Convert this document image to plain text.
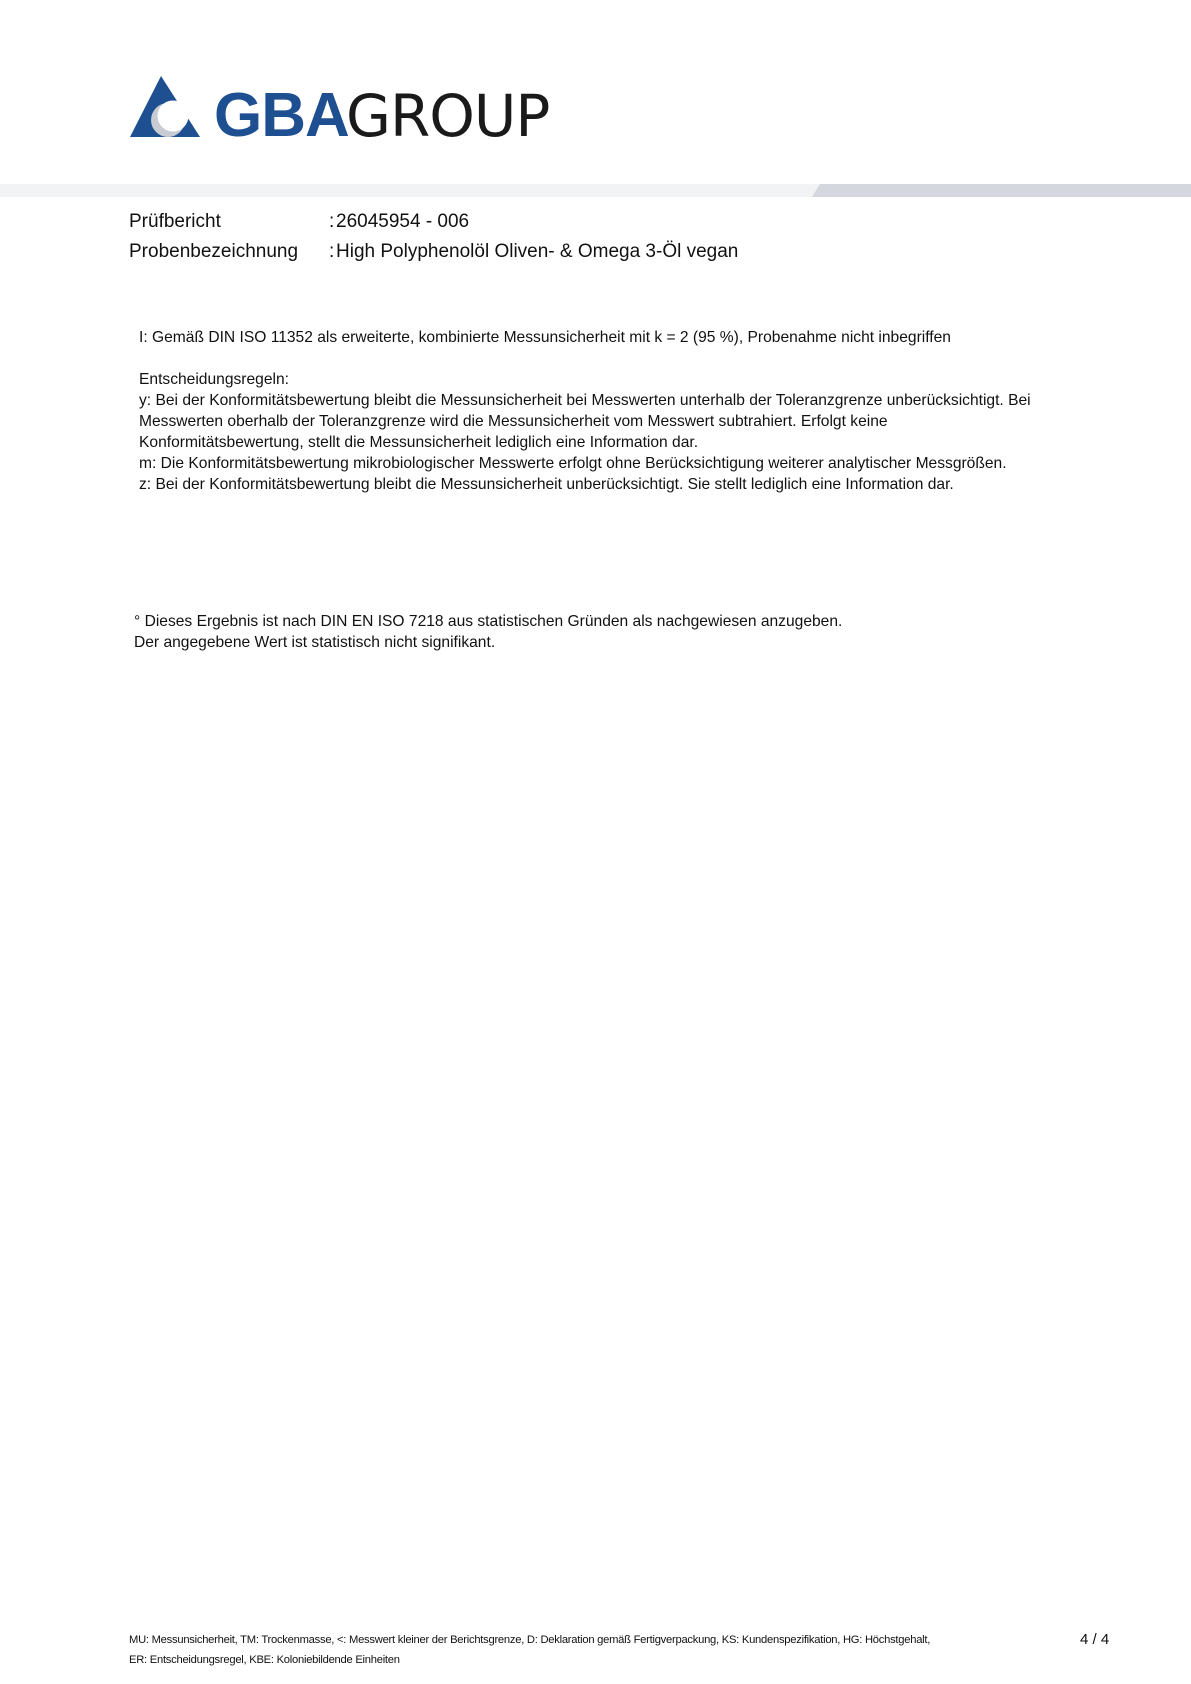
GBA
GROUP
Prüfbericht	: 26045954 - 006
Probenbezeichnung	: High Polyphenolöl Oliven- & Omega 3-Öl vegan
I: Gemäß DIN ISO 11352 als erweiterte, kombinierte Messunsicherheit mit k = 2 (95 %), Probenahme nicht inbegriffen
Entscheidungsregeln:
y: Bei der Konformitätsbewertung bleibt die Messunsicherheit bei Messwerten unterhalb der Toleranzgrenze unberücksichtigt. Bei
Messwerten oberhalb der Toleranzgrenze wird die Messunsicherheit vom Messwert subtrahiert. Erfolgt keine
Konformitätsbewertung, stellt die Messunsicherheit lediglich eine Information dar.
m: Die Konformitätsbewertung mikrobiologischer Messwerte erfolgt ohne Berücksichtigung weiterer analytischer Messgrößen.
z: Bei der Konformitätsbewertung bleibt die Messunsicherheit unberücksichtigt. Sie stellt lediglich eine Information dar.
° Dieses Ergebnis ist nach DIN EN ISO 7218 aus statistischen Gründen als nachgewiesen anzugeben.
Der angegebene Wert ist statistisch nicht signifikant.
MU: Messunsicherheit, TM: Trockenmasse, <: Messwert kleiner der Berichtsgrenze, D: Deklaration gemäß Fertigverpackung, KS: Kundenspezifikation, HG: Höchstgehalt,
ER: Entscheidungsregel, KBE: Koloniebildende Einheiten
4 / 4
